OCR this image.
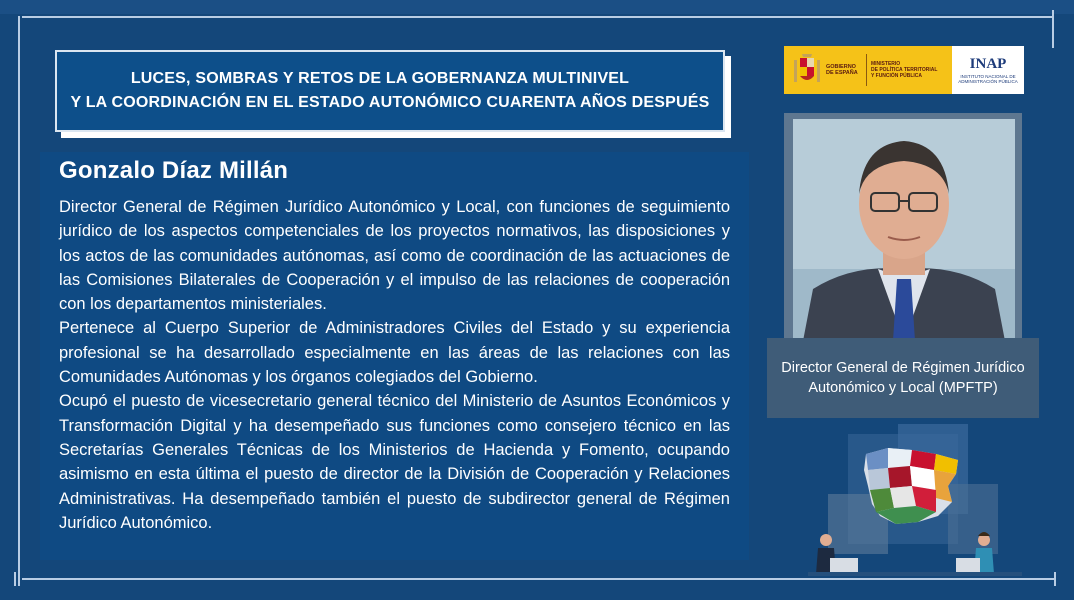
LUCES, SOMBRAS Y RETOS DE LA GOBERNANZA MULTINIVEL
Y LA COORDINACIÓN EN EL ESTADO AUTONÓMICO CUARENTA AÑOS DESPUÉS
Gonzalo Díaz Millán

Director General de Régimen Jurídico Autonómico y Local, con funciones de seguimiento jurídico de los aspectos competenciales de los proyectos normativos, las disposiciones y los actos de las comunidades autónomas, así como de coordinación de las actuaciones de las Comisiones Bilaterales de Cooperación y el impulso de las relaciones de cooperación con los departamentos ministeriales.

Pertenece al Cuerpo Superior de Administradores Civiles del Estado y su experiencia profesional se ha desarrollado especialmente en las áreas de las relaciones con las Comunidades Autónomas y los órganos colegiados del Gobierno.

Ocupó el puesto de vicesecretario general técnico del Ministerio de Asuntos Económicos y Transformación Digital y ha desempeñado sus funciones como consejero técnico en las Secretarías Generales Técnicas de los Ministerios de Hacienda y Fomento, ocupando asimismo en esta última el puesto de director de la División de Cooperación y Relaciones Administrativas. Ha desempeñado también el puesto de subdirector general de Régimen Jurídico Autonómico.

GOBIERNO
DE ESPAÑA
MINISTERIO
DE POLÍTICA TERRITORIAL
Y FUNCIÓN PÚBLICA
INAP
INSTITUTO NACIONAL DE
ADMINISTRACIÓN PÚBLICA
Director General de Régimen Jurídico
Autonómico y Local (MPFTP)
